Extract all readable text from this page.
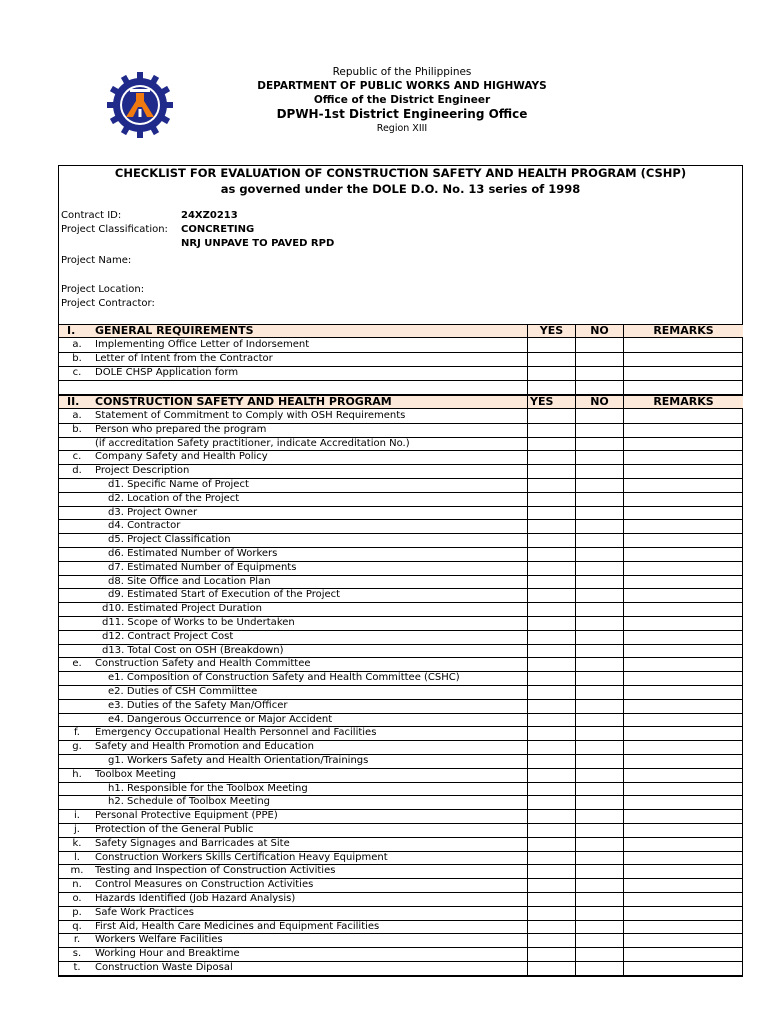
Republic of the Philippines
DEPARTMENT OF PUBLIC WORKS AND HIGHWAYS
Office of the District Engineer
DPWH-1st District Engineering Office
Region XIII
CHECKLIST FOR EVALUATION OF CONSTRUCTION SAFETY AND HEALTH PROGRAM (CSHP)
as governed under the DOLE D.O. No. 13 series of 1998
Contract ID:	24XZ0213
Project Classification: CONCRETING
NRJ UNPAVE TO PAVED RPD
Project Name:
Project Location:
Project Contractor:
I.	GENERAL REQUIREMENTS	YES	NO	REMARKS
a.	Implementing Office Letter of Indorsement
b.	Letter of Intent from the Contractor
c.	DOLE CHSP Application form
II.	CONSTRUCTION SAFETY AND HEALTH PROGRAM	YES	NO	REMARKS
a.	Statement of Commitment to Comply with OSH Requirements
b.	Person who prepared the program
(if accreditation Safety practitioner, indicate Accreditation No.)
c.	Company Safety and Health Policy
d.	Project Description
d1. Specific Name of Project
d2. Location of the Project
d3. Project Owner
d4. Contractor
d5. Project Classification
d6. Estimated Number of Workers
d7. Estimated Number of Equipments
d8. Site Office and Location Plan
d9. Estimated Start of Execution of the Project
d10. Estimated Project Duration
d11. Scope of Works to be Undertaken
d12. Contract Project Cost
d13. Total Cost on OSH (Breakdown)
e.	Construction Safety and Health Committee
e1. Composition of Construction Safety and Health Committee (CSHC)
e2. Duties of CSH Commiittee
e3. Duties of the Safety Man/Officer
e4. Dangerous Occurrence or Major Accident
f.	Emergency Occupational Health Personnel and Facilities
g.	Safety and Health Promotion and Education
g1. Workers Safety and Health Orientation/Trainings
h.	Toolbox Meeting
h1. Responsible for the Toolbox Meeting
h2. Schedule of Toolbox Meeting
i.	Personal Protective Equipment (PPE)
j.	Protection of the General Public
k.	Safety Signages and Barricades at Site
l.	Construction Workers Skills Certification Heavy Equipment
m.	Testing and Inspection of Construction Activities
n.	Control Measures on Construction Activities
o.	Hazards Identified (Job Hazard Analysis)
p.	Safe Work Practices
q.	First Aid, Health Care Medicines and Equipment Facilities
r.	Workers Welfare Facilities
s.	Working Hour and Breaktime
t.	Construction Waste Diposal
